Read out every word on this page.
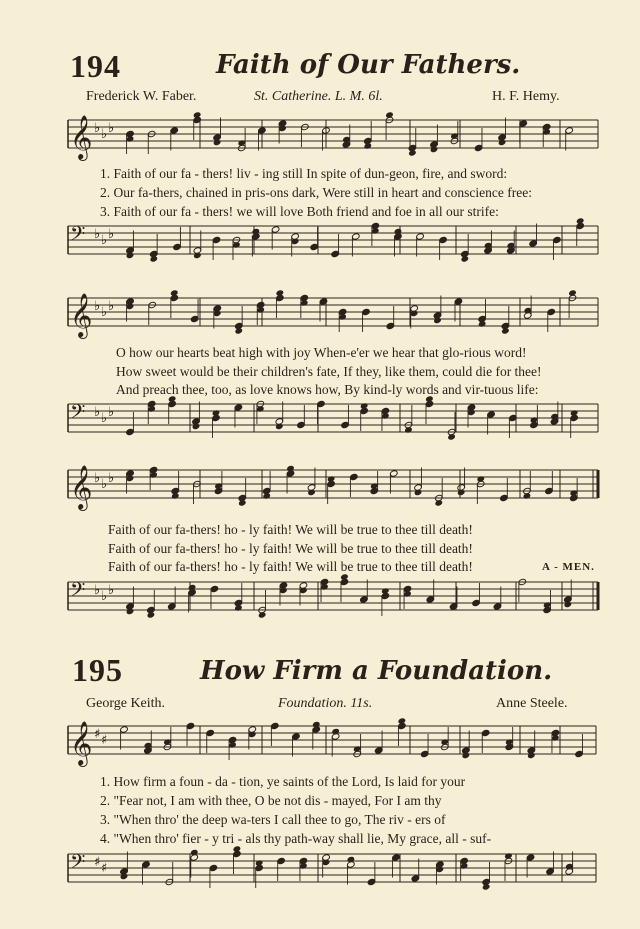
194	Faith of Our Fathers.
Frederick W. Faber.	St. Catherine. L. M. 6l.	H. F. Hemy.
𝄞 ♭ ♭ ♭
1. Faith of our fa - thers! liv - ing still In spite of dun-geon, fire, and sword:
2. Our fa-thers, chained in pris-ons dark, Were still in heart and conscience free:
3. Faith of our fa - thers! we will love Both friend and foe in all our strife:
𝄢 ♭ ♭ ♭
𝄞 ♭ ♭ ♭
O how our hearts beat high with joy When-e'er we hear that glo-rious word!
How sweet would be their children's fate, If they, like them, could die for thee!
And preach thee, too, as love knows how, By kind-ly words and vir-tuous life:
𝄢 ♭ ♭ ♭
𝄞 ♭ ♭ ♭
Faith of our fa-thers! ho - ly faith! We will be true to thee till death!
Faith of our fa-thers! ho - ly faith! We will be true to thee till death!
Faith of our fa-thers! ho - ly faith! We will be true to thee till death!	A - MEN.
𝄢 ♭ ♭ ♭
195	How Firm a Foundation.
George Keith.	Foundation. 11s.	Anne Steele.
𝄞 ♯ ♯
1. How firm a foun - da - tion, ye saints of the Lord, Is laid for your
2. "Fear not, I am with thee, O be not dis - mayed, For I am thy
3. "When thro' the deep wa-ters I call thee to go, The riv - ers of
4. "When thro' fier - y tri - als thy path-way shall lie, My grace, all - suf-
𝄢 ♯ ♯
